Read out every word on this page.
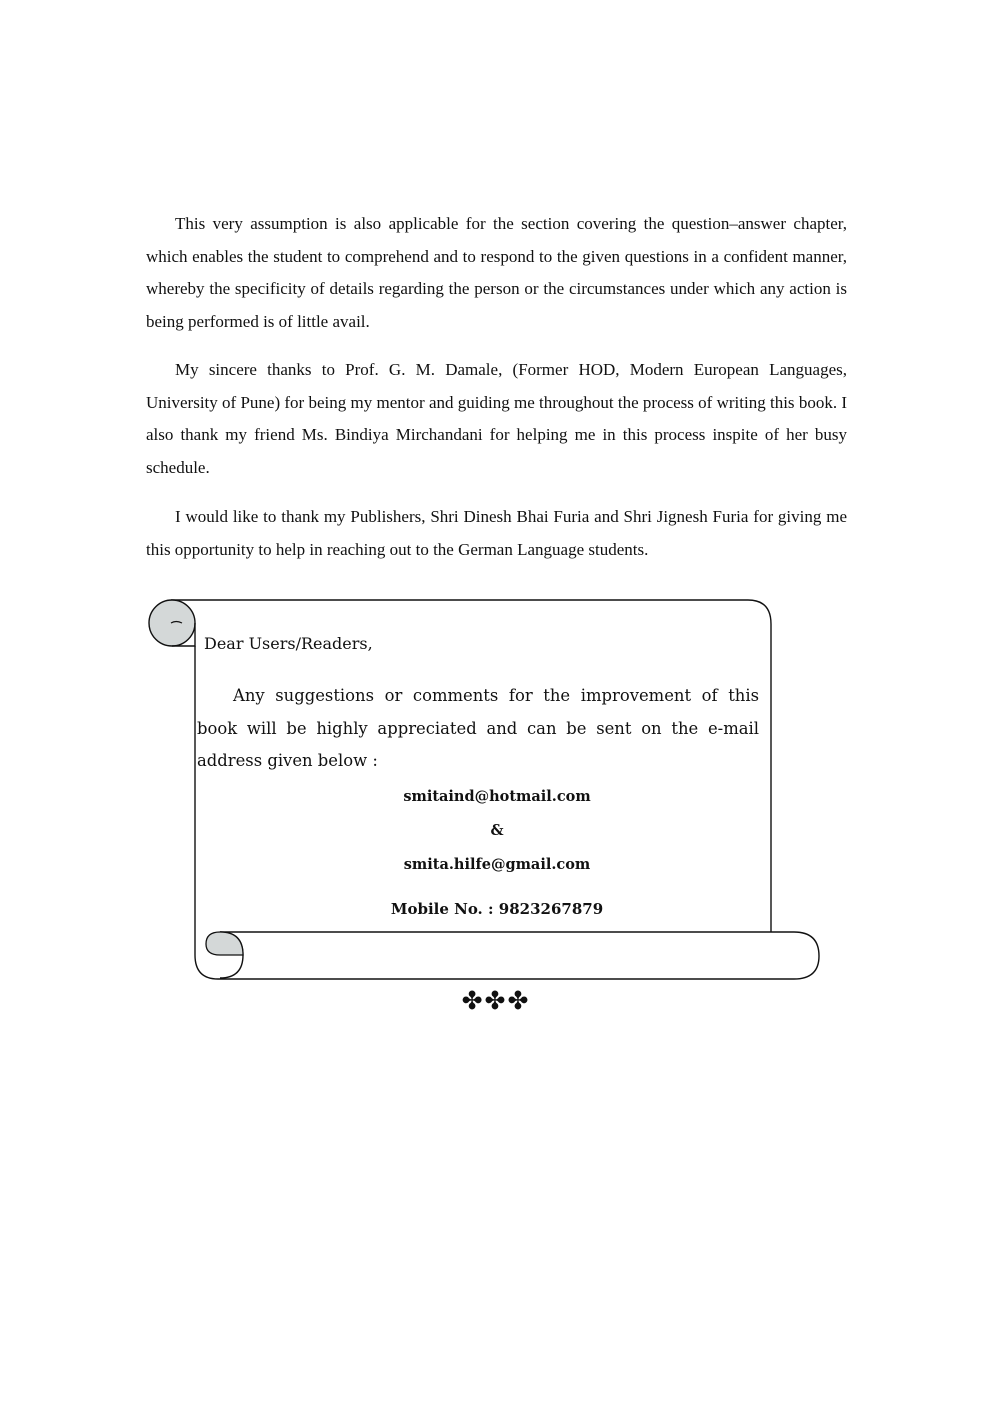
This very assumption is also applicable for the section covering the question–answer chapter, which enables the student to comprehend and to respond to the given questions in a confident manner, whereby the specificity of details regarding the person or the circumstances under which any action is being performed is of little avail.

My sincere thanks to Prof. G. M. Damale, (Former HOD, Modern European Languages, University of Pune) for being my mentor and guiding me throughout the process of writing this book. I also thank my friend Ms. Bindiya Mirchandani for helping me in this process inspite of her busy schedule.

I would like to thank my Publishers, Shri Dinesh Bhai Furia and Shri Jignesh Furia for giving me this opportunity to help in reaching out to the German Language students.

Dear Users/Readers,

Any suggestions or comments for the improvement of this book will be highly appreciated and can be sent on the e-mail address given below :

smitaind@hotmail.com
&
smita.hilfe@gmail.com
Mobile No. : 9823267879
✤✤✤
